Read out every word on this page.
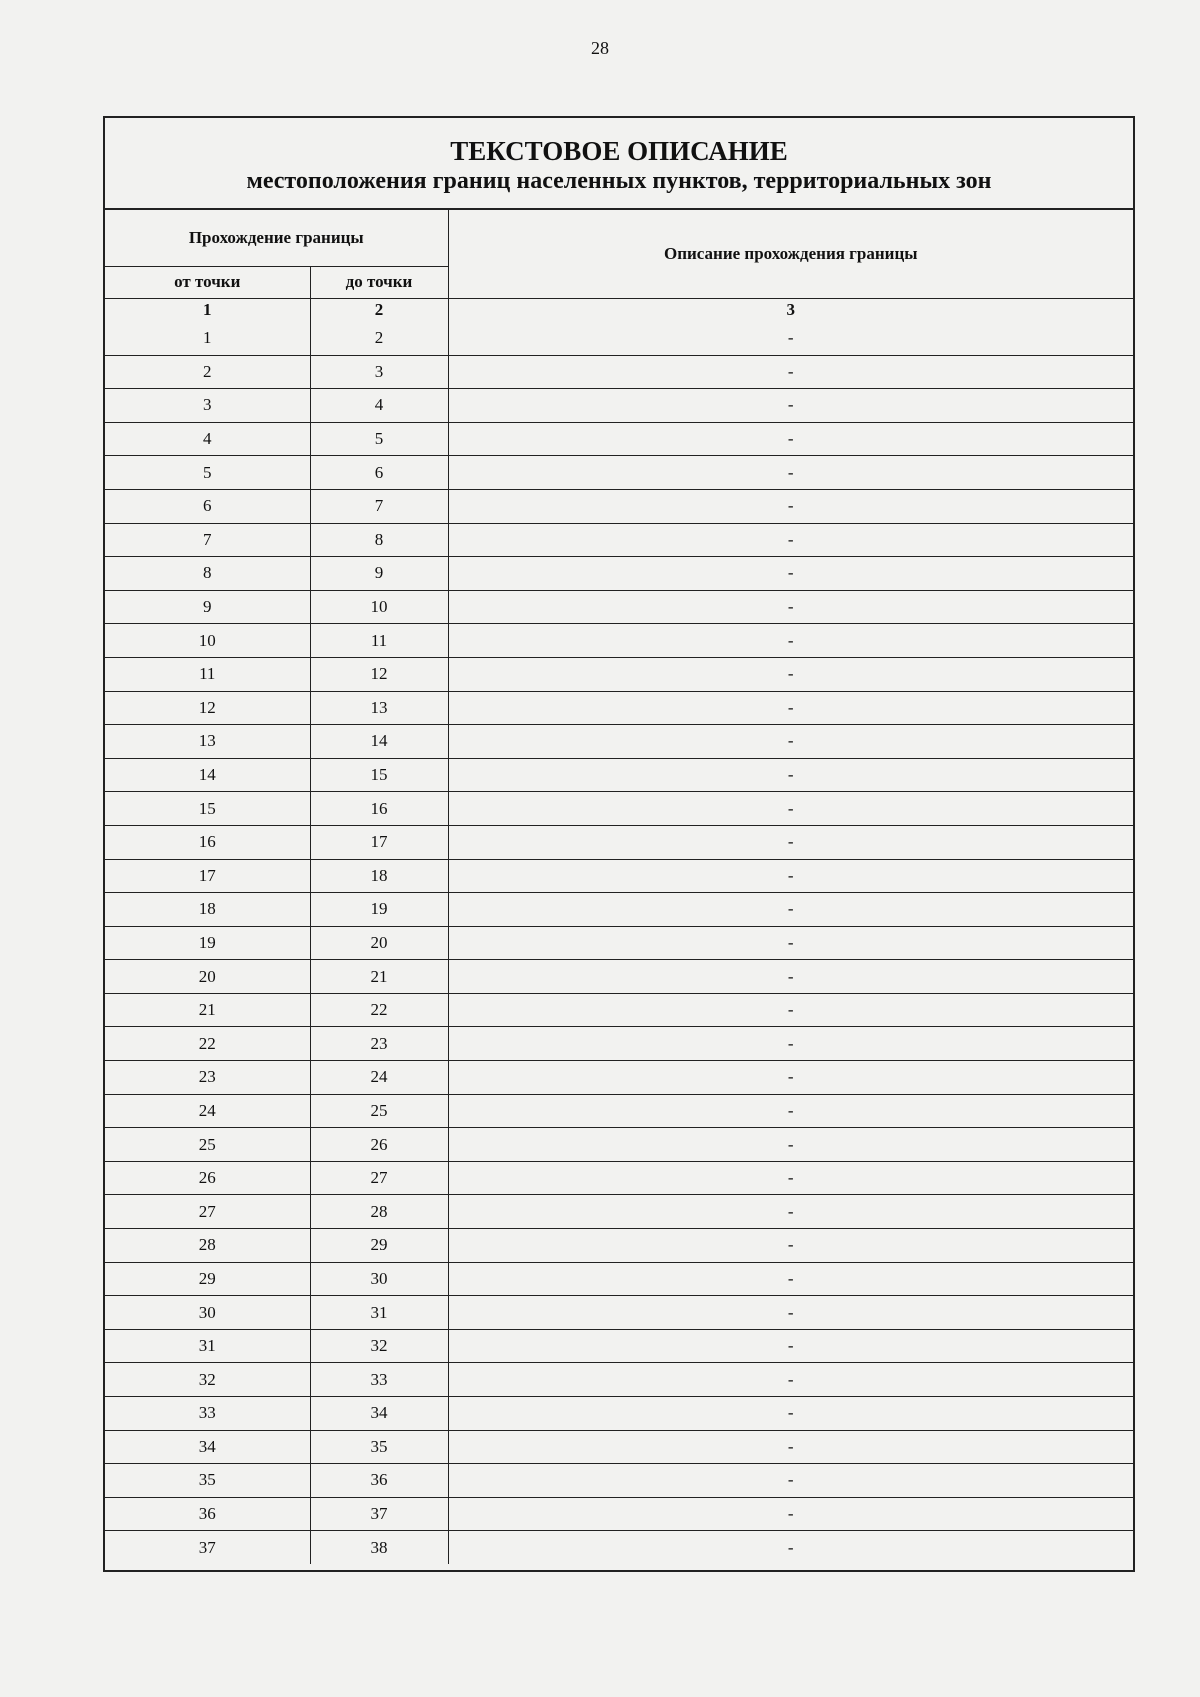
28
ТЕКСТОВОЕ ОПИСАНИЕ
местоположения границ населенных пунктов, территориальных зон
Прохождение границы		Описание прохождения границы
от точки	до точки	
1	2	3
1	2	-
2	3	-
3	4	-
4	5	-
5	6	-
6	7	-
7	8	-
8	9	-
9	10	-
10	11	-
11	12	-
12	13	-
13	14	-
14	15	-
15	16	-
16	17	-
17	18	-
18	19	-
19	20	-
20	21	-
21	22	-
22	23	-
23	24	-
24	25	-
25	26	-
26	27	-
27	28	-
28	29	-
29	30	-
30	31	-
31	32	-
32	33	-
33	34	-
34	35	-
35	36	-
36	37	-
37	38	-
